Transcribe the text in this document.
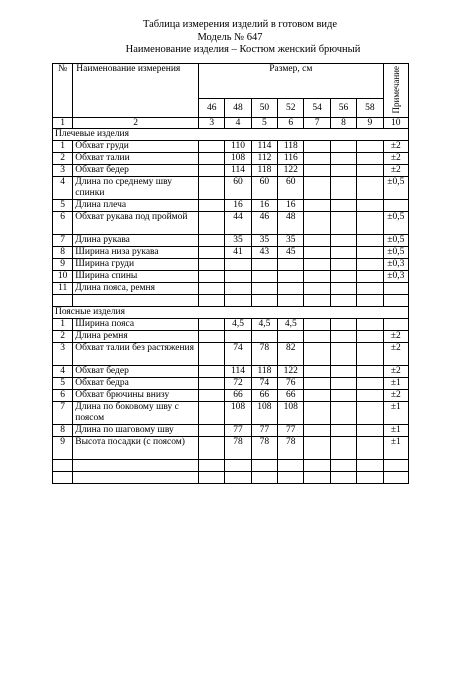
Таблица измерения изделий в готовом виде
Модель № 647
Наименование изделия – Костюм женский брючный
№	Наименование измерения	Размер, см							Примечание

		46	48	50	52	54	56	58	
1	2	3	4	5	6	7	8	9	10
Плечевые изделия									
1	Обхват груди		110	114	118				±2
2	Обхват талии		108	112	116				±2
3	Обхват бедер		114	118	122				±2
4	Длина по среднему шву спинки		60	60	60				±0,5
5	Длина плеча		16	16	16				
6	Обхват рукава под проймой		44	46	48				±0,5
7	Длина рукава		35	35	35				±0,5
8	Ширина низа рукава		41	43	45				±0,5
9	Ширина груди								±0,3
10	Ширина спины								±0,3
11	Длина пояса, ремня								

Поясные изделия									
1	Ширина пояса		4,5	4,5	4,5				
2	Длина ремня								±2
3	Обхват талии без растяжения		74	78	82				±2
4	Обхват бедер		114	118	122				±2
5	Обхват бедра		72	74	76				±1
6	Обхват брючины внизу		66	66	66				±2
7	Длина по боковому шву с поясом		108	108	108				±1
8	Длина по шаговому шву		77	77	77				±1
9	Высота посадки (с поясом)		78	78	78				±1
